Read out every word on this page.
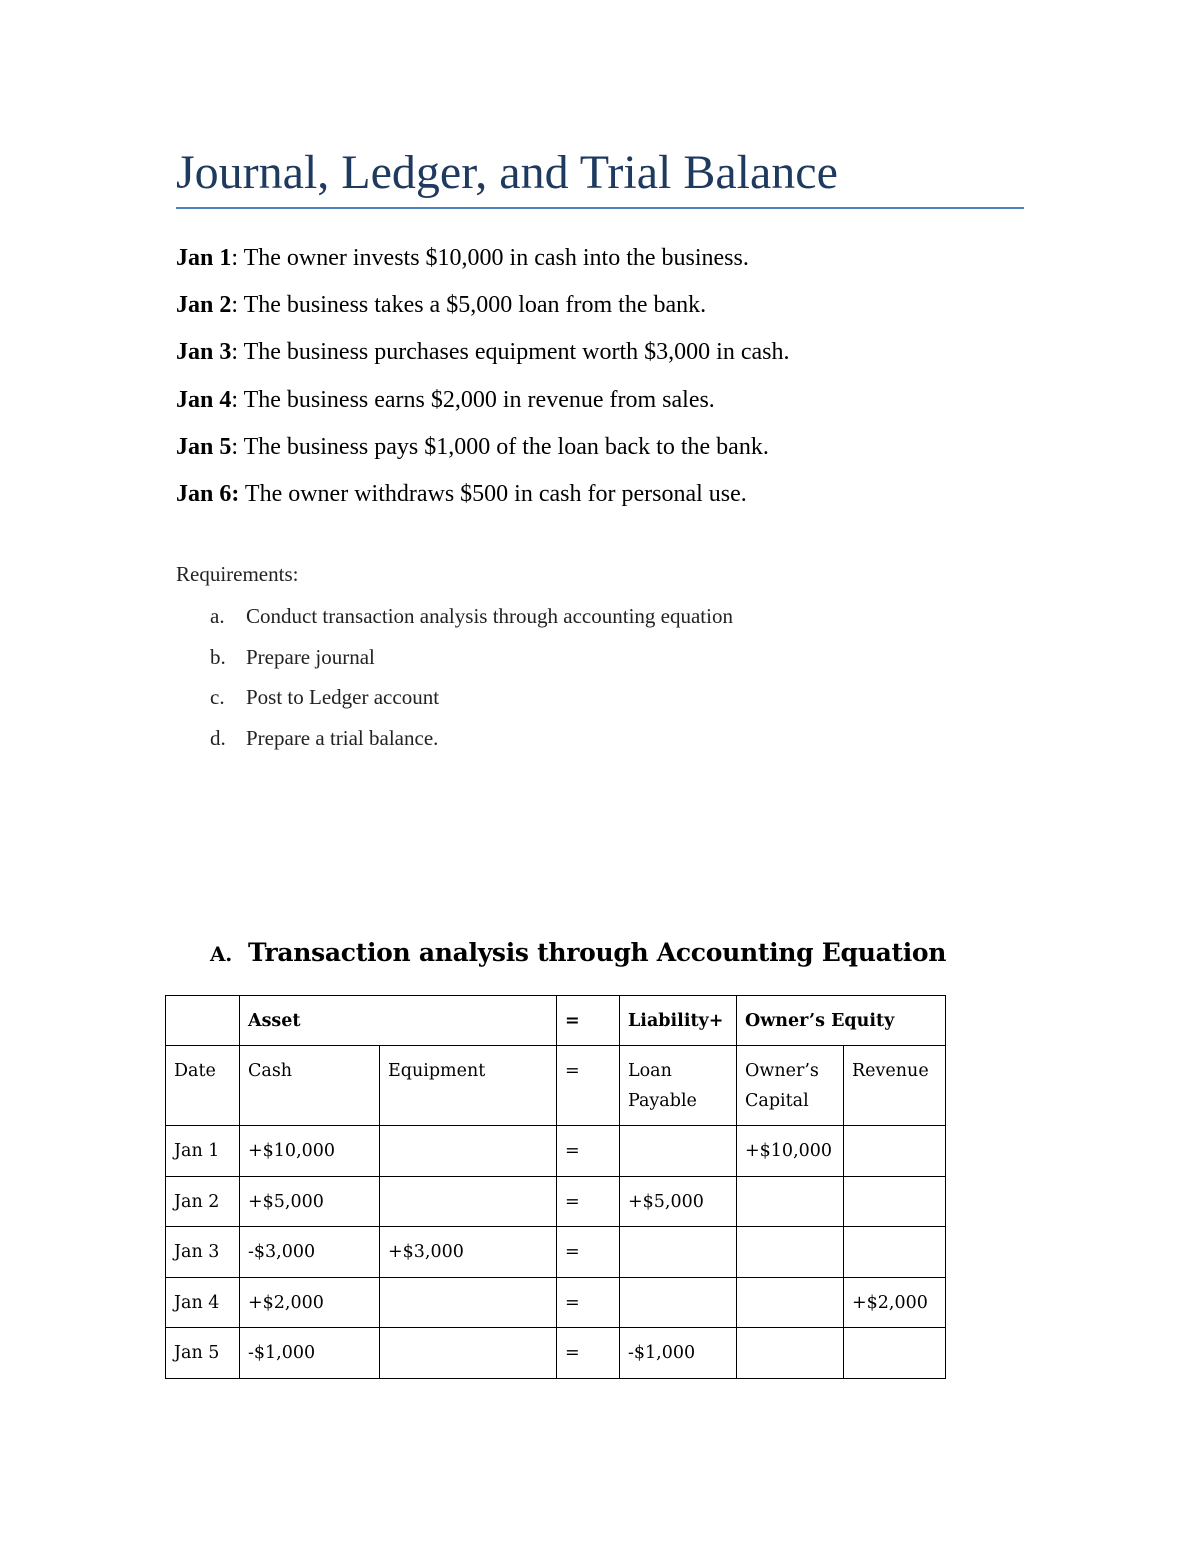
Journal, Ledger, and Trial Balance
Jan 1: The owner invests $10,000 in cash into the business.
Jan 2: The business takes a $5,000 loan from the bank.
Jan 3: The business purchases equipment worth $3,000 in cash.
Jan 4: The business earns $2,000 in revenue from sales.
Jan 5: The business pays $1,000 of the loan back to the bank.
Jan 6: The owner withdraws $500 in cash for personal use.
Requirements:
a. Conduct transaction analysis through accounting equation
b. Prepare journal
c. Post to Ledger account
d. Prepare a trial balance.
A. Transaction analysis through Accounting Equation
	Asset		=	Liability+	Owner’s Equity	
Date	Cash	Equipment	=	Loan Payable	Owner’s Capital	Revenue
Jan 1	+$10,000		=		+$10,000	
Jan 2	+$5,000		=	+$5,000		
Jan 3	-$3,000	+$3,000	=			
Jan 4	+$2,000		=			+$2,000
Jan 5	-$1,000		=	-$1,000		
